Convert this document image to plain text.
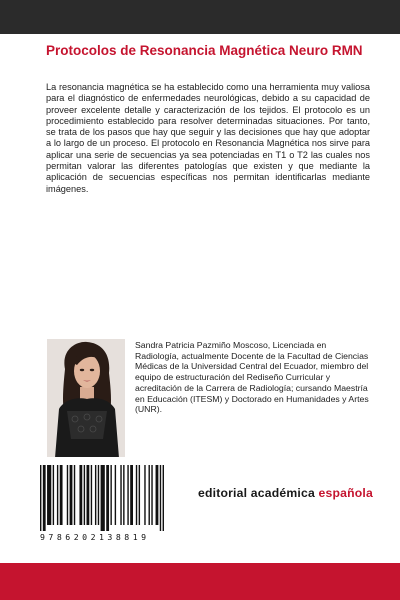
Protocolos de Resonancia Magnética Neuro RMN
La resonancia magnética se ha establecido como una herramienta muy valiosa para el diagnóstico de enfermedades neurológicas, debido a su capacidad de proveer excelente detalle y caracterización de los tejidos. El protocolo es un procedimiento establecido para resolver determinadas situaciones. Por tanto, se trata de los pasos que hay que seguir y las decisiones que hay que adoptar a lo largo de un proceso. El protocolo en Resonancia Magnética nos sirve para aplicar una serie de secuencias ya sea potenciadas en T1 o T2 las cuales nos permitan valorar las diferentes patologías que existen y que mediante la aplicación de secuencias específicas nos permitan identificarlas mediante imágenes.
Sandra Patricia Pazmiño Moscoso, Licenciada en Radiología, actualmente Docente de la Facultad de Ciencias Médicas de la Universidad Central del Ecuador, miembro del equipo de estructuración del Rediseño Curricular y acreditación de la Carrera de Radiología; cursando Maestría en Educación (ITESM) y Doctorado en Humanidades y Artes (UNR).
9786202138819
editorial académica española
